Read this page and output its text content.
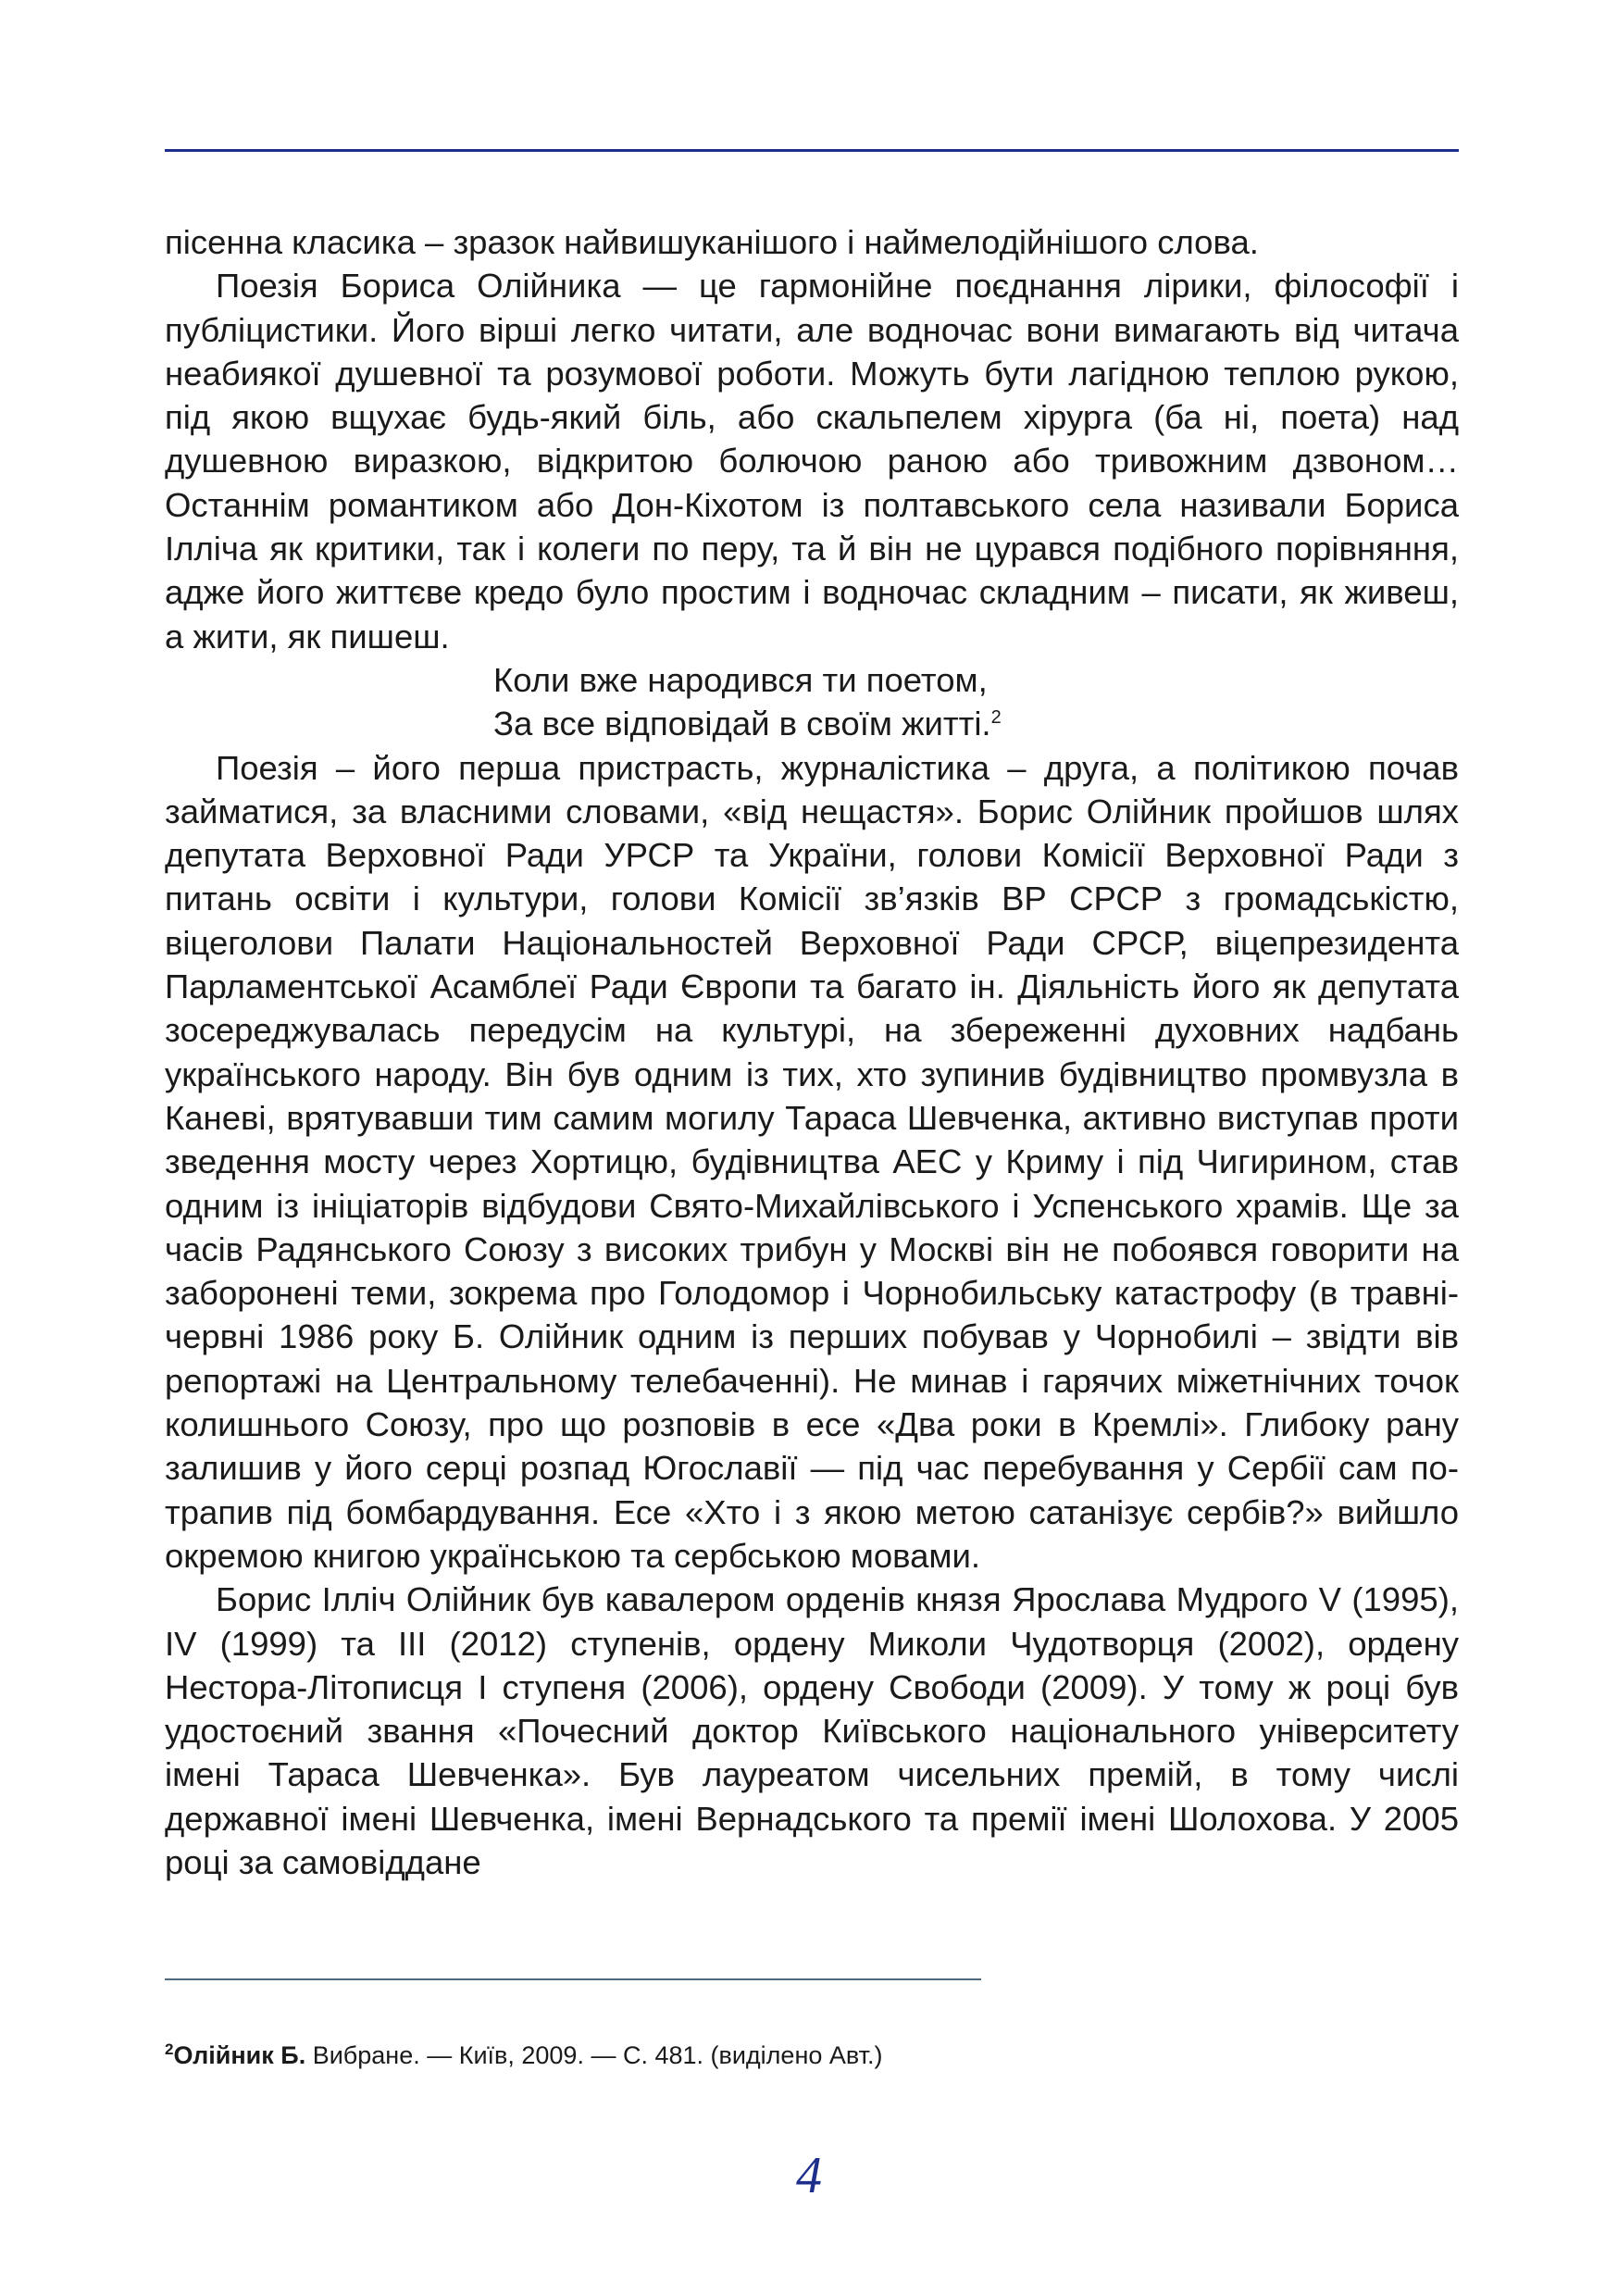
пісенна класика – зразок найвишуканішого і наймелодійнішого слова.

Поезія Бориса Олійника — це гармонійне поєднання лірики, філософії і публіцистики. Його вірші легко читати, але водночас вони вимагають від читача неабиякої душевної та розумової роботи. Можуть бути лагідною теплою рукою, під якою вщухає будь-який біль, або скальпелем хірурга (ба ні, поета) над душевною виразкою, відкритою болючою раною або тривожним дзвоном… Останнім романтиком або Дон-Кіхотом із полтавського села називали Бориса Ілліча як критики, так і колеги по перу, та й він не цурався подібного порівняння, адже його життєве кредо було простим і водночас складним – писати, як живеш, а жити, як пишеш.

Коли вже народився ти поетом,
За все відповідай в своїм житті.$^2$

Поезія – його перша пристрасть, журналістика – друга, а політикою почав займатися, за власними словами, «від нещастя». Борис Олійник пройшов шлях депутата Верховної Ради УРСР та України, голови Комісії Верховної Ради з питань освіти і культури, голови Комісії зв’язків ВР СРСР з громадськістю, віцеголови Палати Національностей Верховної Ради СРСР, віцепрезидента Парламентської Асамблеї Ради Європи та багато ін. Діяльність його як депутата зосереджувалась передусім на культурі, на збереженні духовних надбань українського народу. Він був одним із тих, хто зупинив будівництво промвузла в Каневі, врятувавши тим самим могилу Тараса Шевченка, активно виступав проти зведення мосту через Хортицю, будівництва АЕС у Криму і під Чигирином, став одним із ініціаторів відбудови Свято-Михайлівського і Успенського храмів. Ще за часів Радянського Союзу з високих трибун у Москві він не побоявся говорити на заборонені теми, зокрема про Голодомор і Чорнобильську катастрофу (в травні-червні 1986 року Б. Олійник одним із перших побував у Чорнобилі – звідти вів репортажі на Центральному телебаченні). Не минав і гарячих міжетнічних точок колишнього Союзу, про що розповів в есе «Два роки в Кремлі». Глибоку рану залишив у його серці розпад Югославії — під час перебування у Сербії сам потрапив під бомбардування. Есе «Хто і з якою метою сатанізує сербів?» вийшло окремою книгою українською та сербською мовами.

Борис Ілліч Олійник був кавалером орденів князя Ярослава Мудрого V (1995), IV (1999) та III (2012) ступенів, ордену Миколи Чудотворця (2002), ордену Нестора-Літописця I ступеня (2006), ордену Свободи (2009). У тому ж році був удостоєний звання «Почесний доктор Київського національного університету імені Тараса Шевченка». Був лауреатом чисельних премій, в тому числі державної імені Шевченка, імені Вернадського та премії імені Шолохова. У 2005 році за самовіддане

$^2$Олійник Б. Вибране. — Київ, 2009. — С. 481. (виділено Авт.)
4
